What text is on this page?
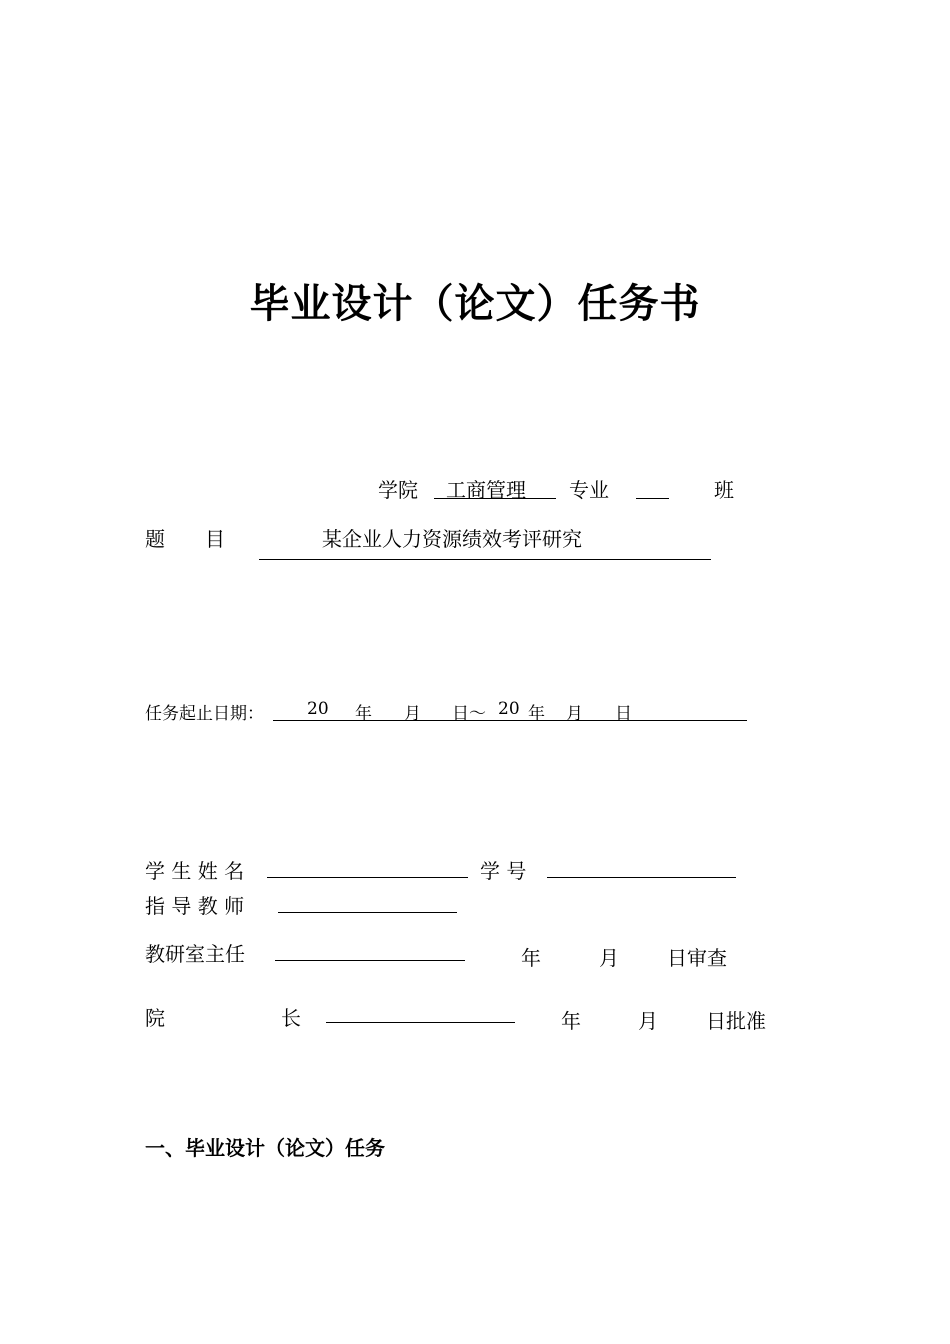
毕业设计（论文）任务书
学院 工商管理 专业	班
题　　目	某企业人力资源绩效考评研究
任务起止日期：	20 年 月 日～ 20 年 月 日
学 生 姓 名	学 号
指 导 教 师
教研室主任	年	月 日审查
院	长	年	月 日批准
一、毕业设计（论文）任务
